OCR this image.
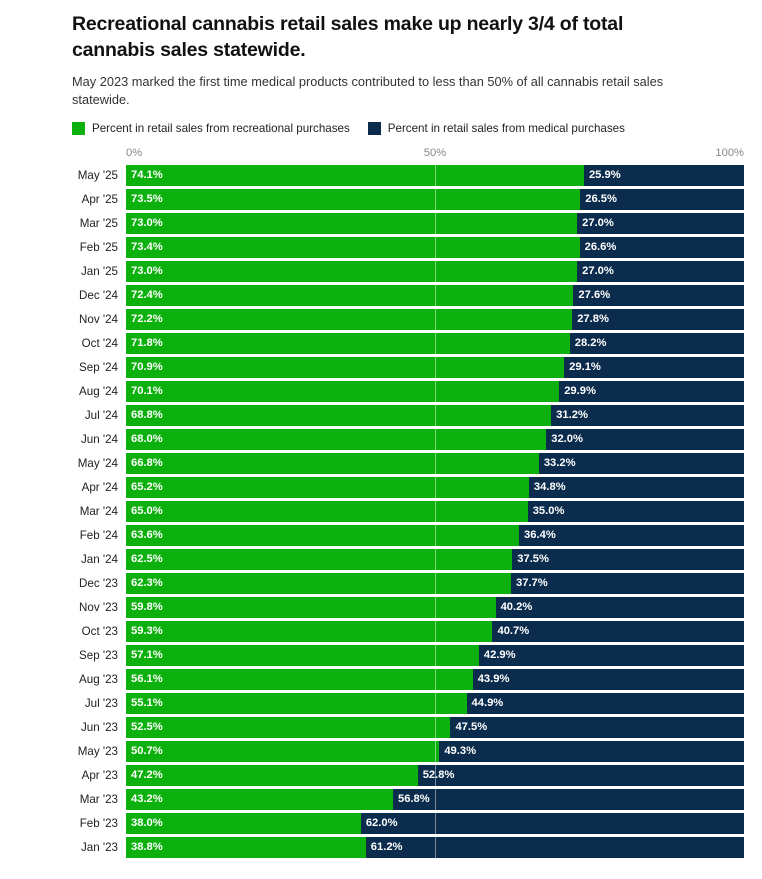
Recreational cannabis retail sales make up nearly 3/4 of total cannabis sales statewide.

May 2023 marked the first time medical products contributed to less than 50% of all cannabis retail sales statewide.

Percent in retail sales from recreational purchases	Percent in retail sales from medical purchases
0%	50%	100%
May '25	74.1%	25.9%
Apr '25	73.5%	26.5%
Mar '25	73.0%	27.0%
Feb '25	73.4%	26.6%
Jan '25	73.0%	27.0%
Dec '24	72.4%	27.6%
Nov '24	72.2%	27.8%
Oct '24	71.8%	28.2%
Sep '24	70.9%	29.1%
Aug '24	70.1%	29.9%
Jul '24	68.8%	31.2%
Jun '24	68.0%	32.0%
May '24	66.8%	33.2%
Apr '24	65.2%	34.8%
Mar '24	65.0%	35.0%
Feb '24	63.6%	36.4%
Jan '24	62.5%	37.5%
Dec '23	62.3%	37.7%
Nov '23	59.8%	40.2%
Oct '23	59.3%	40.7%
Sep '23	57.1%	42.9%
Aug '23	56.1%	43.9%
Jul '23	55.1%	44.9%
Jun '23	52.5%	47.5%
May '23	50.7%	49.3%
Apr '23	47.2%	52.8%
Mar '23	43.2%	56.8%
Feb '23	38.0%	62.0%
Jan '23	38.8%	61.2%
